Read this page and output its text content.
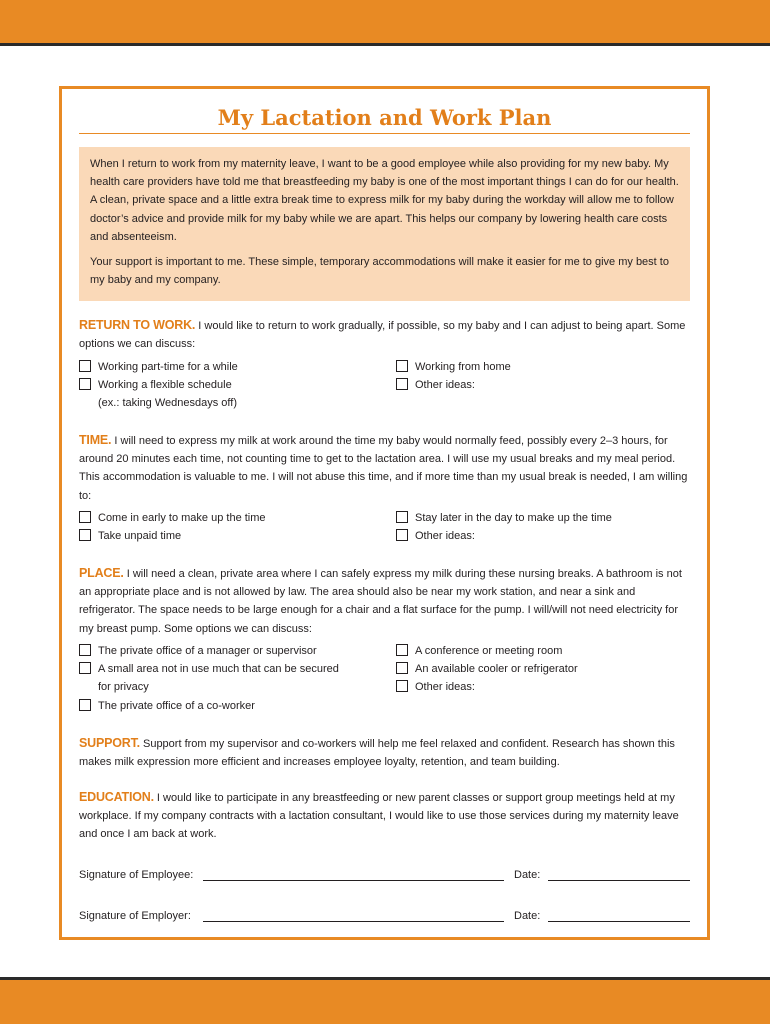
My Lactation and Work Plan

When I return to work from my maternity leave, I want to be a good employee while also providing for my new baby. My health care providers have told me that breastfeeding my baby is one of the most important things I can do for our health. A clean, private space and a little extra break time to express milk for my baby during the workday will allow me to follow doctor’s advice and provide milk for my baby while we are apart. This helps our company by lowering health care costs and absenteeism.

Your support is important to me. These simple, temporary accommodations will make it easier for me to give my best to my baby and my company.

RETURN TO WORK. I would like to return to work gradually, if possible, so my baby and I can adjust to being apart. Some options we can discuss:

Working part-time for a while
Working a flexible schedule
(ex.: taking Wednesdays off)
Working from home
Other ideas:

TIME. I will need to express my milk at work around the time my baby would normally feed, possibly every 2–3 hours, for around 20 minutes each time, not counting time to get to the lactation area. I will use my usual breaks and my meal period. This accommodation is valuable to me. I will not abuse this time, and if more time than my usual break is needed, I am willing to:

Come in early to make up the time
Take unpaid time
Stay later in the day to make up the time
Other ideas:

PLACE. I will need a clean, private area where I can safely express my milk during these nursing breaks. A bathroom is not an appropriate place and is not allowed by law. The area should also be near my work station, and near a sink and refrigerator. The space needs to be large enough for a chair and a flat surface for the pump. I will/will not need electricity for my breast pump. Some options we can discuss:

The private office of a manager or supervisor
A small area not in use much that can be secured
for privacy
The private office of a co-worker
A conference or meeting room
An available cooler or refrigerator
Other ideas:

SUPPORT. Support from my supervisor and co-workers will help me feel relaxed and confident. Research has shown this makes milk expression more efficient and increases employee loyalty, retention, and team building.

EDUCATION. I would like to participate in any breastfeeding or new parent classes or support group meetings held at my workplace. If my company contracts with a lactation consultant, I would like to use those services during my maternity leave and once I am back at work.

Signature of Employee:	Date:
Signature of Employer:	Date:
